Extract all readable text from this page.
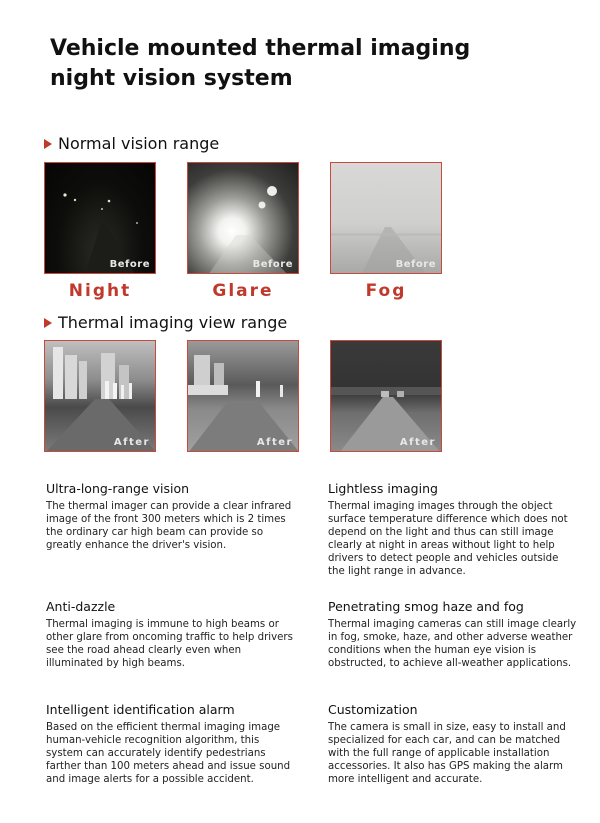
Vehicle mounted thermal imaging
night vision system
Normal vision range
Before	Before	Before
Night	Glare	Fog
Thermal imaging view range
After	After	After

Ultra-long-range vision

The thermal imager can provide a clear infrared image of the front 300 meters which is 2 times the ordinary car high beam can provide so greatly enhance the driver's vision.

Lightless imaging

Thermal imaging images through the object surface temperature difference which does not depend on the light and thus can still image clearly at night in areas without light to help drivers to detect people and vehicles outside the light range in advance.

Anti-dazzle

Thermal imaging is immune to high beams or other glare from oncoming traffic to help drivers see the road ahead clearly even when illuminated by high beams.

Penetrating smog haze and fog

Thermal imaging cameras can still image clearly in fog, smoke, haze, and other adverse weather conditions when the human eye vision is obstructed, to achieve all-weather applications.

Intelligent identification alarm

Based on the efficient thermal imaging image human-vehicle recognition algorithm, this system can accurately identify pedestrians farther than 100 meters ahead and issue sound and image alerts for a possible accident.

Customization

The camera is small in size, easy to install and specialized for each car, and can be matched with the full range of applicable installation accessories. It also has GPS making the alarm more intelligent and accurate.
